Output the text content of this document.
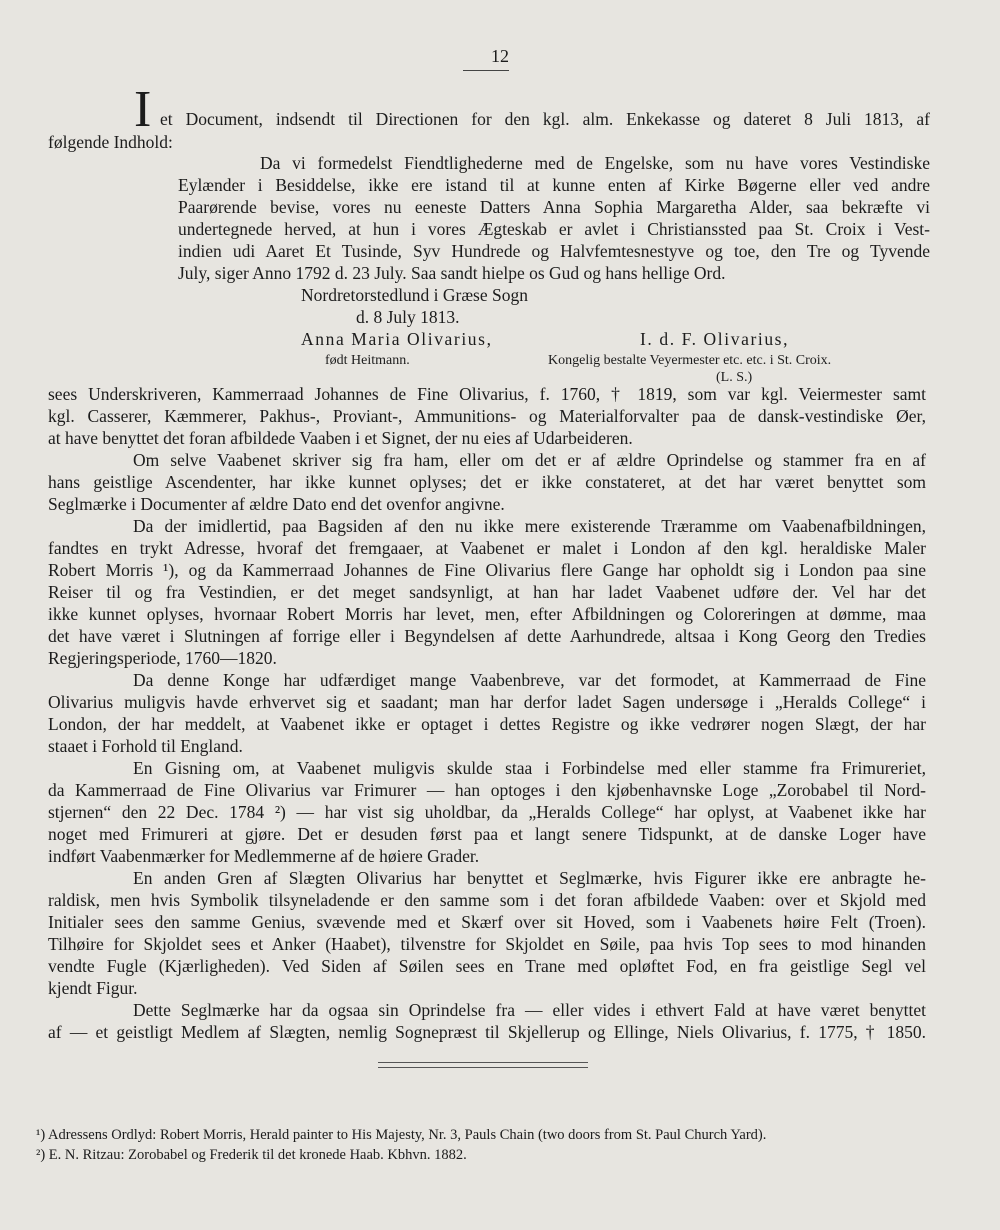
12
I et Document, indsendt til Directionen for den kgl. alm. Enkekasse og dateret 8 Juli 1813, af
følgende Indhold:
Da vi formedelst Fiendtlighederne med de Engelske, som nu have vores Vestindiske
Eylænder i Besiddelse, ikke ere istand til at kunne enten af Kirke Bøgerne eller ved andre
Paarørende bevise, vores nu eeneste Datters Anna Sophia Margaretha Alder, saa bekræfte vi
undertegnede herved, at hun i vores Ægteskab er avlet i Christianssted paa St. Croix i Vest-
indien udi Aaret Et Tusinde, Syv Hundrede og Halvfemtesnestyve og toe, den Tre og Tyvende
July, siger Anno 1792 d. 23 July. Saa sandt hielpe os Gud og hans hellige Ord.
Nordretorstedlund i Græse Sogn
d. 8 July 1813.
Anna Maria Olivarius,	I. d. F. Olivarius,
født Heitmann.	Kongelig bestalte Veyermester etc. etc. i St. Croix.
(L. S.)
sees Underskriveren, Kammerraad Johannes de Fine Olivarius, f. 1760, † 1819, som var kgl. Veiermester samt
kgl. Casserer, Kæmmerer, Pakhus-, Proviant-, Ammunitions- og Materialforvalter paa de dansk-vestindiske Øer,
at have benyttet det foran afbildede Vaaben i et Signet, der nu eies af Udarbeideren.
Om selve Vaabenet skriver sig fra ham, eller om det er af ældre Oprindelse og stammer fra en af
hans geistlige Ascendenter, har ikke kunnet oplyses; det er ikke constateret, at det har været benyttet som
Seglmærke i Documenter af ældre Dato end det ovenfor angivne.
Da der imidlertid, paa Bagsiden af den nu ikke mere existerende Træramme om Vaabenafbildningen,
fandtes en trykt Adresse, hvoraf det fremgaaer, at Vaabenet er malet i London af den kgl. heraldiske Maler
Robert Morris ¹), og da Kammerraad Johannes de Fine Olivarius flere Gange har opholdt sig i London paa sine
Reiser til og fra Vestindien, er det meget sandsynligt, at han har ladet Vaabenet udføre der. Vel har det
ikke kunnet oplyses, hvornaar Robert Morris har levet, men, efter Afbildningen og Coloreringen at dømme, maa
det have været i Slutningen af forrige eller i Begyndelsen af dette Aarhundrede, altsaa i Kong Georg den Tredies
Regjeringsperiode, 1760—1820.
Da denne Konge har udfærdiget mange Vaabenbreve, var det formodet, at Kammerraad de Fine
Olivarius muligvis havde erhvervet sig et saadant; man har derfor ladet Sagen undersøge i „Heralds College“ i
London, der har meddelt, at Vaabenet ikke er optaget i dettes Registre og ikke vedrører nogen Slægt, der har
staaet i Forhold til England.
En Gisning om, at Vaabenet muligvis skulde staa i Forbindelse med eller stamme fra Frimureriet,
da Kammerraad de Fine Olivarius var Frimurer — han optoges i den kjøbenhavnske Loge „Zorobabel til Nord-
stjernen“ den 22 Dec. 1784 ²) — har vist sig uholdbar, da „Heralds College“ har oplyst, at Vaabenet ikke har
noget med Frimureri at gjøre. Det er desuden først paa et langt senere Tidspunkt, at de danske Loger have
indført Vaabenmærker for Medlemmerne af de høiere Grader.
En anden Gren af Slægten Olivarius har benyttet et Seglmærke, hvis Figurer ikke ere anbragte he-
raldisk, men hvis Symbolik tilsyneladende er den samme som i det foran afbildede Vaaben: over et Skjold med
Initialer sees den samme Genius, svævende med et Skærf over sit Hoved, som i Vaabenets høire Felt (Troen).
Tilhøire for Skjoldet sees et Anker (Haabet), tilvenstre for Skjoldet en Søile, paa hvis Top sees to mod hinanden
vendte Fugle (Kjærligheden). Ved Siden af Søilen sees en Trane med opløftet Fod, en fra geistlige Segl vel
kjendt Figur.
Dette Seglmærke har da ogsaa sin Oprindelse fra — eller vides i ethvert Fald at have været benyttet
af — et geistligt Medlem af Slægten, nemlig Sognepræst til Skjellerup og Ellinge, Niels Olivarius, f. 1775, † 1850.
¹) Adressens Ordlyd: Robert Morris, Herald painter to His Majesty, Nr. 3, Pauls Chain (two doors from St. Paul Church Yard).
²) E. N. Ritzau: Zorobabel og Frederik til det kronede Haab. Kbhvn. 1882.
